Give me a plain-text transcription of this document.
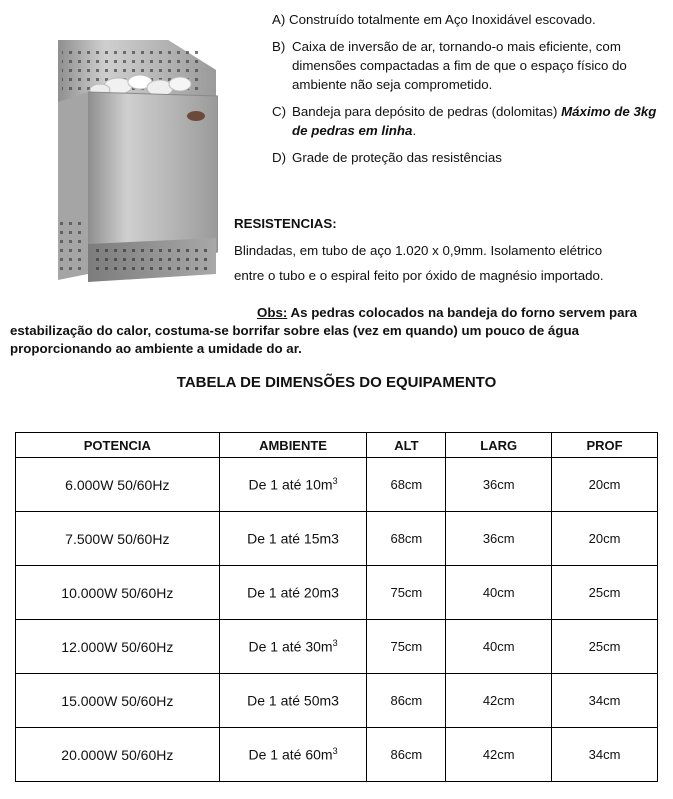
A) Construído totalmente em Aço Inoxidável escovado.
B) Caixa de inversão de ar, tornando-o mais eficiente, com dimensões compactadas a fim de que o espaço físico do ambiente não seja comprometido.
C) Bandeja para depósito de pedras (dolomitas) Máximo de 3kg de pedras em linha.
D) Grade de proteção das resistências
RESISTENCIAS:
Blindadas, em tubo de aço 1.020 x 0,9mm. Isolamento elétrico
entre o tubo e o espiral feito por óxido de magnésio importado.
Obs: As pedras colocados na bandeja do forno servem para
estabilização do calor, costuma-se borrifar sobre elas (vez em quando) um pouco de água
proporcionando ao ambiente a umidade do ar.
TABELA DE DIMENSÕES DO EQUIPAMENTO
POTENCIA	AMBIENTE	ALT	LARG	PROF
6.000W 50/60Hz	De 1 até $10m^3$	68cm	36cm	20cm
7.500W 50/60Hz	De 1 até 15m3	68cm	36cm	20cm
10.000W 50/60Hz	De 1 até 20m3	75cm	40cm	25cm
12.000W 50/60Hz	De 1 até $30m^3$	75cm	40cm	25cm
15.000W 50/60Hz	De 1 até 50m3	86cm	42cm	34cm
20.000W 50/60Hz	De 1 até $60m^3$	86cm	42cm	34cm
